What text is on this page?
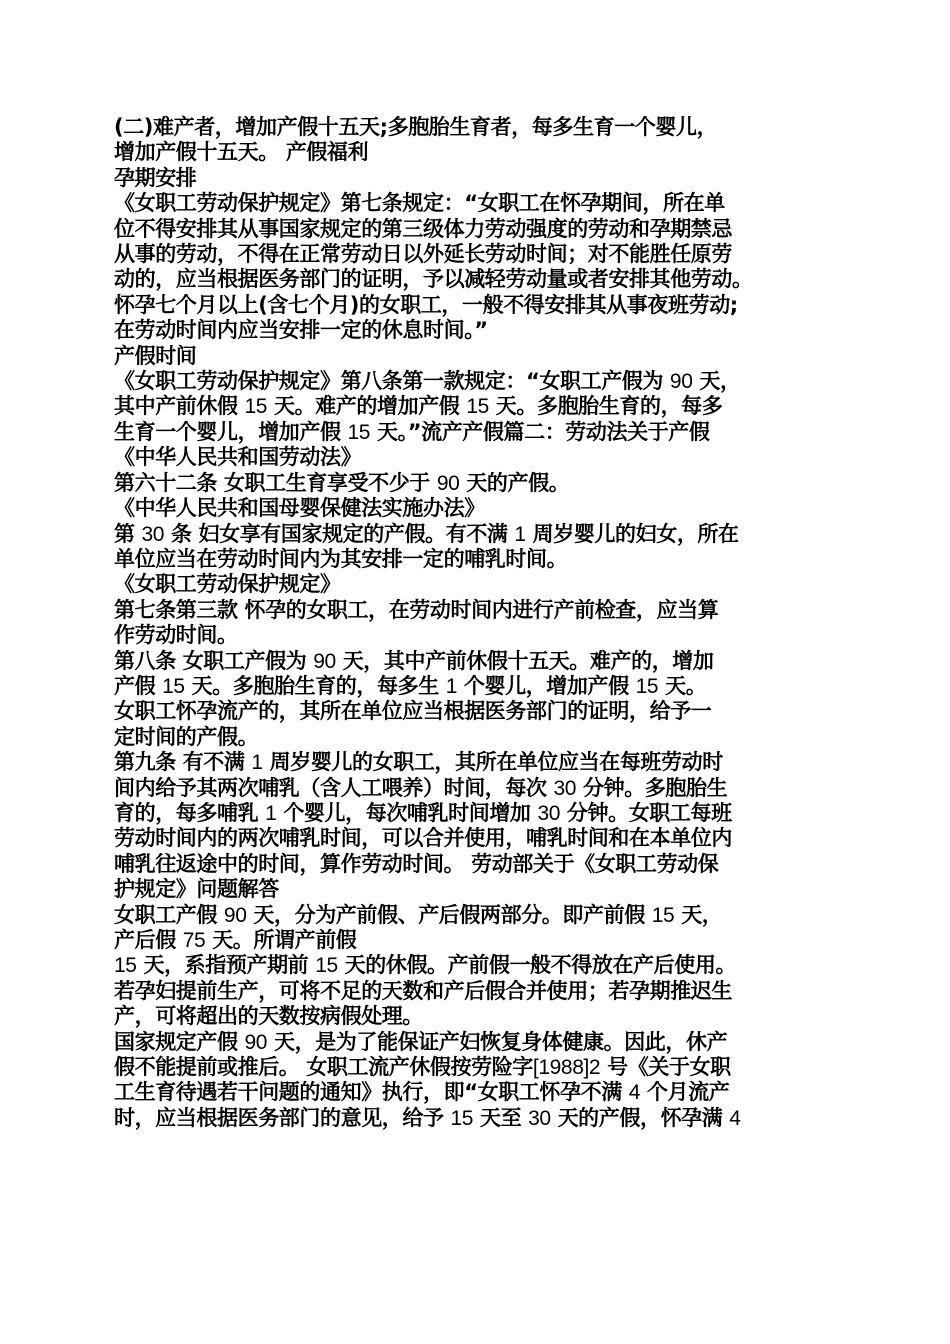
(二)难产者，增加产假十五天;多胞胎生育者，每多生育一个婴儿，
增加产假十五天。 产假福利
孕期安排
《女职工劳动保护规定》第七条规定：“女职工在怀孕期间，所在单
位不得安排其从事国家规定的第三级体力劳动强度的劳动和孕期禁忌
从事的劳动，不得在正常劳动日以外延长劳动时间；对不能胜任原劳
动的，应当根据医务部门的证明，予以减轻劳动量或者安排其他劳动。
怀孕七个月以上(含七个月)的女职工，一般不得安排其从事夜班劳动;
在劳动时间内应当安排一定的休息时间。”
产假时间
《女职工劳动保护规定》第八条第一款规定：“女职工产假为 90 天，
其中产前休假 15 天。难产的增加产假 15 天。多胞胎生育的，每多
生育一个婴儿，增加产假 15 天。”流产产假篇二：劳动法关于产假
《中华人民共和国劳动法》
第六十二条 女职工生育享受不少于 90 天的产假。
《中华人民共和国母婴保健法实施办法》
第 30 条 妇女享有国家规定的产假。有不满 1 周岁婴儿的妇女，所在
单位应当在劳动时间内为其安排一定的哺乳时间。
《女职工劳动保护规定》
第七条第三款 怀孕的女职工，在劳动时间内进行产前检查，应当算
作劳动时间。
第八条 女职工产假为 90 天，其中产前休假十五天。难产的，增加
产假 15 天。多胞胎生育的，每多生 1 个婴儿，增加产假 15 天。
女职工怀孕流产的，其所在单位应当根据医务部门的证明，给予一
定时间的产假。
第九条 有不满 1 周岁婴儿的女职工，其所在单位应当在每班劳动时
间内给予其两次哺乳（含人工喂养）时间，每次 30 分钟。多胞胎生
育的，每多哺乳 1 个婴儿，每次哺乳时间增加 30 分钟。女职工每班
劳动时间内的两次哺乳时间，可以合并使用，哺乳时间和在本单位内
哺乳往返途中的时间，算作劳动时间。 劳动部关于《女职工劳动保
护规定》问题解答
女职工产假 90 天，分为产前假、产后假两部分。即产前假 15 天，
产后假 75 天。所谓产前假
15 天，系指预产期前 15 天的休假。产前假一般不得放在产后使用。
若孕妇提前生产，可将不足的天数和产后假合并使用；若孕期推迟生
产，可将超出的天数按病假处理。
国家规定产假 90 天，是为了能保证产妇恢复身体健康。因此，休产
假不能提前或推后。 女职工流产休假按劳险字[1988]2 号《关于女职
工生育待遇若干问题的通知》执行，即“女职工怀孕不满 4 个月流产
时，应当根据医务部门的意见，给予 15 天至 30 天的产假，怀孕满 4
